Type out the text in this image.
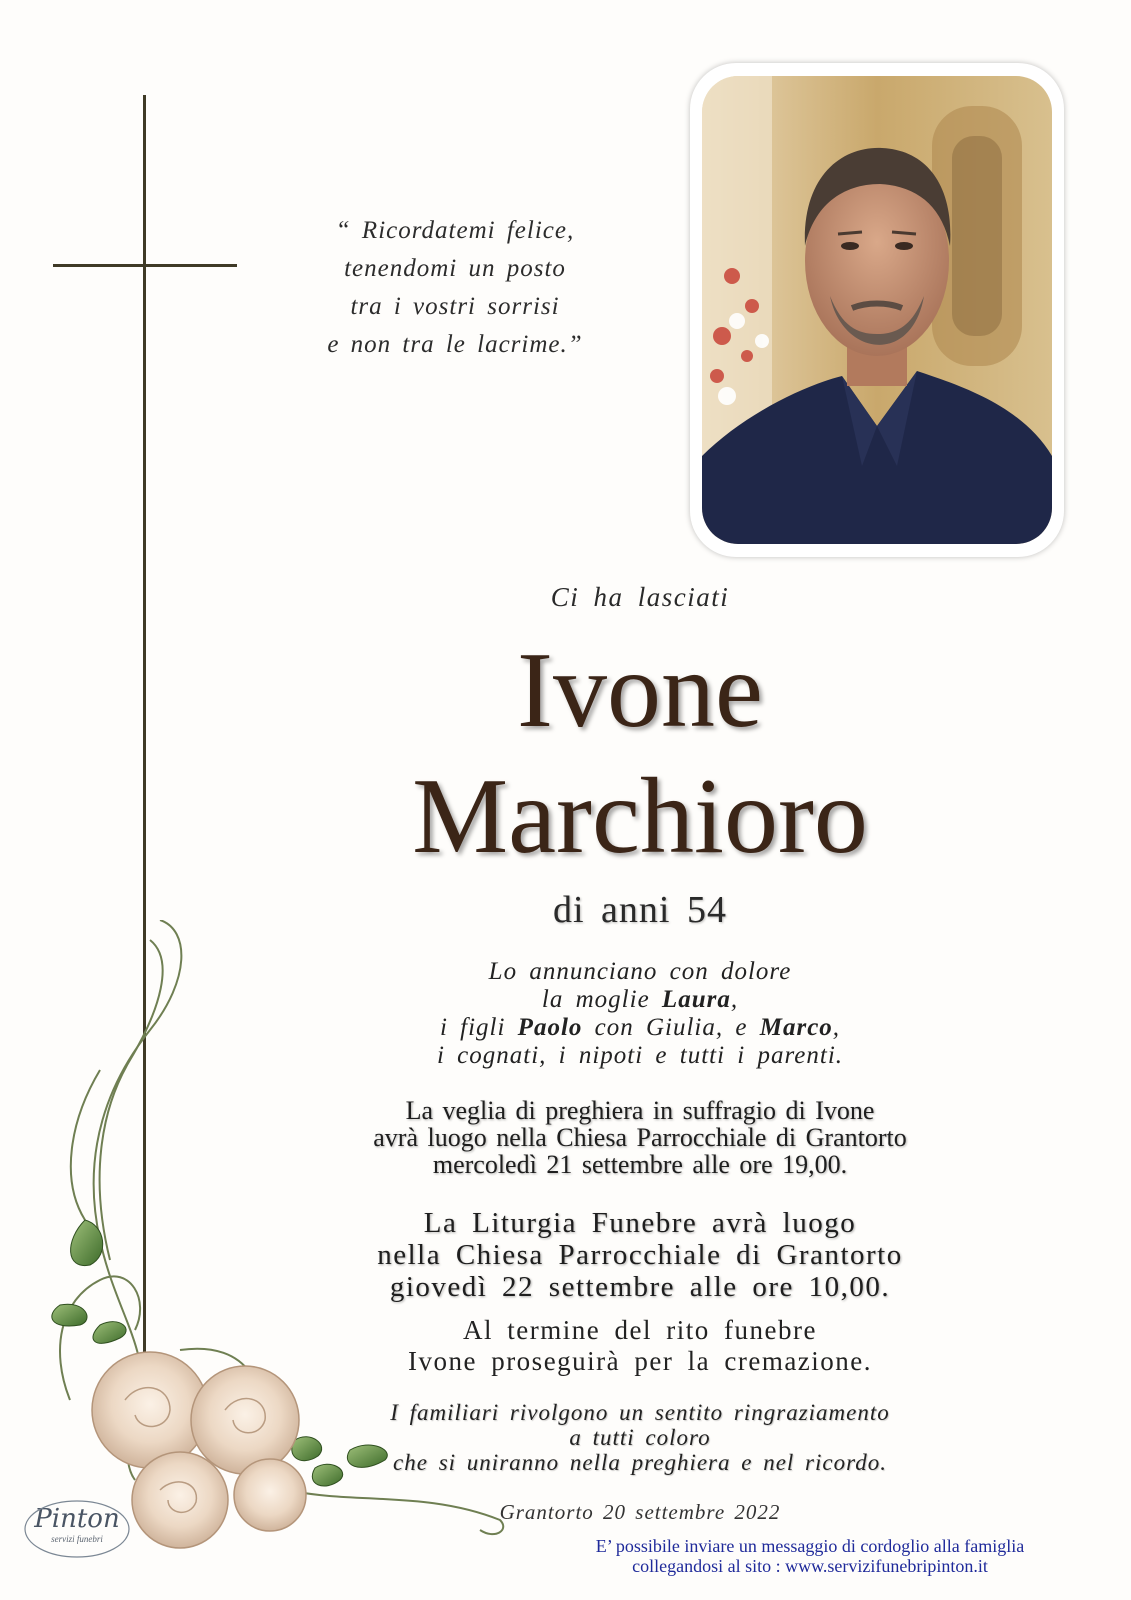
“ Ricordatemi felice,
tenendomi un posto
tra i vostri sorrisi
e non tra le lacrime.”
Ci ha lasciati
Ivone
Marchioro
di anni 54
Lo annunciano con dolore
la moglie Laura,
i figli Paolo con Giulia, e Marco,
i cognati, i nipoti e tutti i parenti.
La veglia di preghiera in suffragio di Ivone
avrà luogo nella Chiesa Parrocchiale di Grantorto
mercoledì 21 settembre alle ore 19,00.
La Liturgia Funebre avrà luogo
nella Chiesa Parrocchiale di Grantorto
giovedì 22 settembre alle ore 10,00.
Al termine del rito funebre
Ivone proseguirà per la cremazione.
I familiari rivolgono un sentito ringraziamento
a tutti coloro
che si uniranno nella preghiera e nel ricordo.
Grantorto 20 settembre 2022
E’ possibile inviare un messaggio di cordoglio alla famiglia
collegandosi al sito : www.servizifunebripinton.it
Pinton
servizi funebri
